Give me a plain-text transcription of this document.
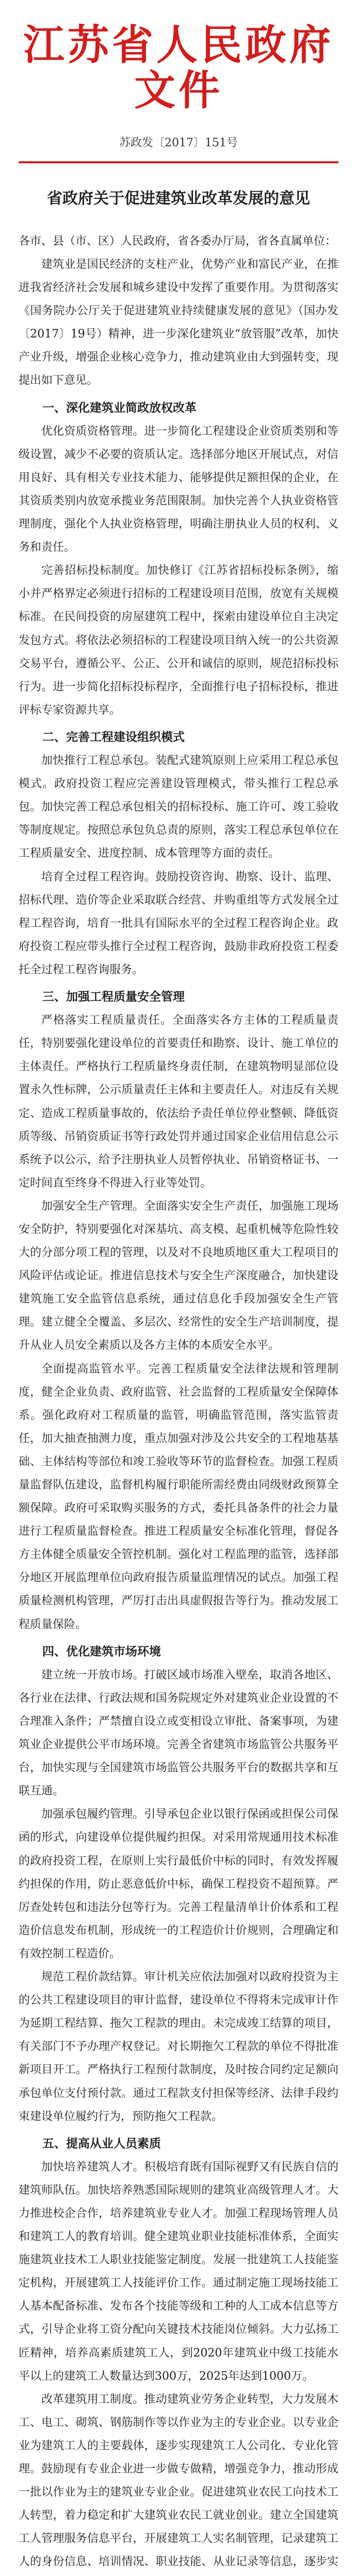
江苏省人民政府文件
苏政发〔2017〕151号
省政府关于促进建筑业改革发展的意见
各市、县（市、区）人民政府，省各委办厅局，省各直属单位：

建筑业是国民经济的支柱产业，优势产业和富民产业，在推进我省经济社会发展和城乡建设中发挥了重要作用。为贯彻落实《国务院办公厅关于促进建筑业持续健康发展的意见》（国办发〔2017〕19号）精神，进一步深化建筑业“放管服”改革，加快产业升级，增强企业核心竞争力，推动建筑业由大到强转变，现提出如下意见。

一、深化建筑业简政放权改革

优化资质资格管理。进一步简化工程建设企业资质类别和等级设置，减少不必要的资质认定。选择部分地区开展试点，对信用良好、具有相关专业技术能力、能够提供足额担保的企业，在其资质类别内放宽承揽业务范围限制。加快完善个人执业资格管理制度，强化个人执业资格管理，明确注册执业人员的权利、义务和责任。

完善招标投标制度。加快修订《江苏省招标投标条例》，缩小并严格界定必须进行招标的工程建设项目范围，放宽有关规模标准。在民间投资的房屋建筑工程中，探索由建设单位自主决定发包方式。将依法必须招标的工程建设项目纳入统一的公共资源交易平台，遵循公平、公正、公开和诚信的原则，规范招标投标行为。进一步简化招标投标程序，全面推行电子招标投标，推进评标专家资源共享。

二、完善工程建设组织模式

加快推行工程总承包。装配式建筑原则上应采用工程总承包模式。政府投资工程应完善建设管理模式，带头推行工程总承包。加快完善工程总承包相关的招标投标、施工许可、竣工验收等制度规定。按照总承包负总责的原则，落实工程总承包单位在工程质量安全、进度控制、成本管理等方面的责任。

培育全过程工程咨询。鼓励投资咨询、勘察、设计、监理、招标代理、造价等企业采取联合经营、并购重组等方式发展全过程工程咨询，培育一批具有国际水平的全过程工程咨询企业。政府投资工程应带头推行全过程工程咨询，鼓励非政府投资工程委托全过程工程咨询服务。

三、加强工程质量安全管理

严格落实工程质量责任。全面落实各方主体的工程质量责任，特别要强化建设单位的首要责任和勘察、设计、施工单位的主体责任。严格执行工程质量终身责任制，在建筑物明显部位设置永久性标牌，公示质量责任主体和主要责任人。对违反有关规定、造成工程质量事故的，依法给予责任单位停业整顿、降低资质等级、吊销资质证书等行政处罚并通过国家企业信用信息公示系统予以公示，给予注册执业人员暂停执业、吊销资格证书、一定时间直至终身不得进入行业等处罚。

加强安全生产管理。全面落实安全生产责任，加强施工现场安全防护，特别要强化对深基坑、高支模、起重机械等危险性较大的分部分项工程的管理，以及对不良地质地区重大工程项目的风险评估或论证。推进信息技术与安全生产深度融合，加快建设建筑施工安全监管信息系统，通过信息化手段加强安全生产管理。建立健全全覆盖、多层次、经常性的安全生产培训制度，提升从业人员安全素质以及各方主体的本质安全水平。

全面提高监管水平。完善工程质量安全法律法规和管理制度，健全企业负责、政府监管、社会监督的工程质量安全保障体系。强化政府对工程质量的监管，明确监管范围，落实监管责任，加大抽查抽测力度，重点加强对涉及公共安全的工程地基基础、主体结构等部位和竣工验收等环节的监督检查。加强工程质量监督队伍建设，监督机构履行职能所需经费由同级财政预算全额保障。政府可采取购买服务的方式，委托具备条件的社会力量进行工程质量监督检查。推进工程质量安全标准化管理，督促各方主体健全质量安全管控机制。强化对工程监理的监管，选择部分地区开展监理单位向政府报告质量监理情况的试点。加强工程质量检测机构管理，严厉打击出具虚假报告等行为。推动发展工程质量保险。

四、优化建筑市场环境

建立统一开放市场。打破区域市场准入壁垒，取消各地区、各行业在法律、行政法规和国务院规定外对建筑业企业设置的不合理准入条件；严禁擅自设立或变相设立审批、备案事项，为建筑业企业提供公平市场环境。完善全省建筑市场监管公共服务平台，加快实现与全国建筑市场监管公共服务平台的数据共享和互联互通。

加强承包履约管理。引导承包企业以银行保函或担保公司保函的形式，向建设单位提供履约担保。对采用常规通用技术标准的政府投资工程，在原则上实行最低价中标的同时，有效发挥履约担保的作用，防止恶意低价中标，确保工程投资不超预算。严厉查处转包和违法分包等行为。完善工程量清单计价体系和工程造价信息发布机制，形成统一的工程造价计价规则，合理确定和有效控制工程造价。

规范工程价款结算。审计机关应依法加强对以政府投资为主的公共工程建设项目的审计监督，建设单位不得将未完成审计作为延期工程结算、拖欠工程款的理由。未完成竣工结算的项目，有关部门不予办理产权登记。对长期拖欠工程款的单位不得批准新项目开工。严格执行工程预付款制度，及时按合同约定足额向承包单位支付预付款。通过工程款支付担保等经济、法律手段约束建设单位履约行为，预防拖欠工程款。

五、提高从业人员素质

加快培养建筑人才。积极培育既有国际视野又有民族自信的建筑师队伍。加快培养熟悉国际规则的建筑业高级管理人才。大力推进校企合作，培养建筑业专业人才。加强工程现场管理人员和建筑工人的教育培训。健全建筑业职业技能标准体系，全面实施建筑业技术工人职业技能鉴定制度。发展一批建筑工人技能鉴定机构，开展建筑工人技能评价工作。通过制定施工现场技能工人基本配备标准、发布各个技能等级和工种的人工成本信息等方式，引导企业将工资分配向关键技术技能岗位倾斜。大力弘扬工匠精神，培养高素质建筑工人，到2020年建筑业中级工技能水平以上的建筑工人数量达到300万，2025年达到1000万。

改革建筑用工制度。推动建筑业劳务企业转型，大力发展木工、电工、砌筑、钢筋制作等以作业为主的专业企业。以专业企业为建筑工人的主要载体，逐步实现建筑工人公司化、专业化管理。鼓励现有专业企业进一步做专做精，增强竞争力，推动形成一批以作业为主的建筑业专业企业。促进建筑业农民工向技术工人转型，着力稳定和扩大建筑业农民工就业创业。建立全国建筑工人管理服务信息平台，开展建筑工人实名制管理，记录建筑工人的身份信息、培训情况、职业技能、从业记录等信息，逐步实
